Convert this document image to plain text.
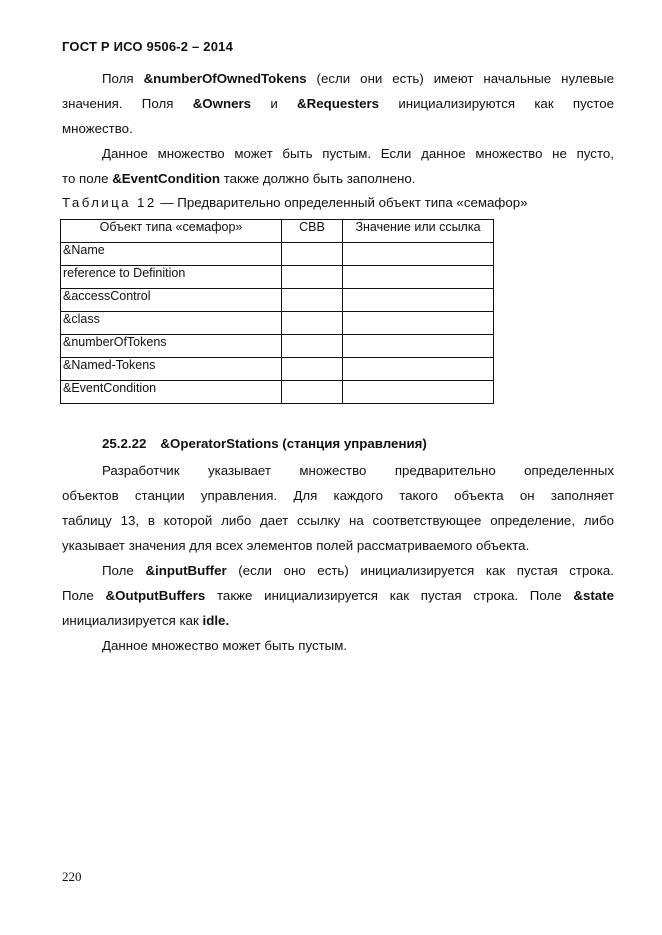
ГОСТ Р ИСО 9506-2 – 2014
Поля &numberOfOwnedTokens (если они есть) имеют начальные нулевые
значения. Поля &Owners и &Requesters инициализируются как пустое
множество.
Данное множество может быть пустым. Если данное множество не пусто,
то поле &EventCondition также должно быть заполнено.
Таблица 12 — Предварительно определенный объект типа «семафор»
Объект типа «семафор»	СВВ	Значение или ссылка
&Name		
reference to Definition		
&accessControl		
&class		
&numberOfTokens		
&Named-Tokens		
&EventCondition		
25.2.22 &OperatorStations (станция управления)
Разработчик указывает множество предварительно определенных
объектов станции управления. Для каждого такого объекта он заполняет
таблицу 13, в которой либо дает ссылку на соответствующее определение, либо
указывает значения для всех элементов полей рассматриваемого объекта.
Поле &inputBuffer (если оно есть) инициализируется как пустая строка.
Поле &OutputBuffers также инициализируется как пустая строка. Поле &state
инициализируется как idle.
Данное множество может быть пустым.
220
